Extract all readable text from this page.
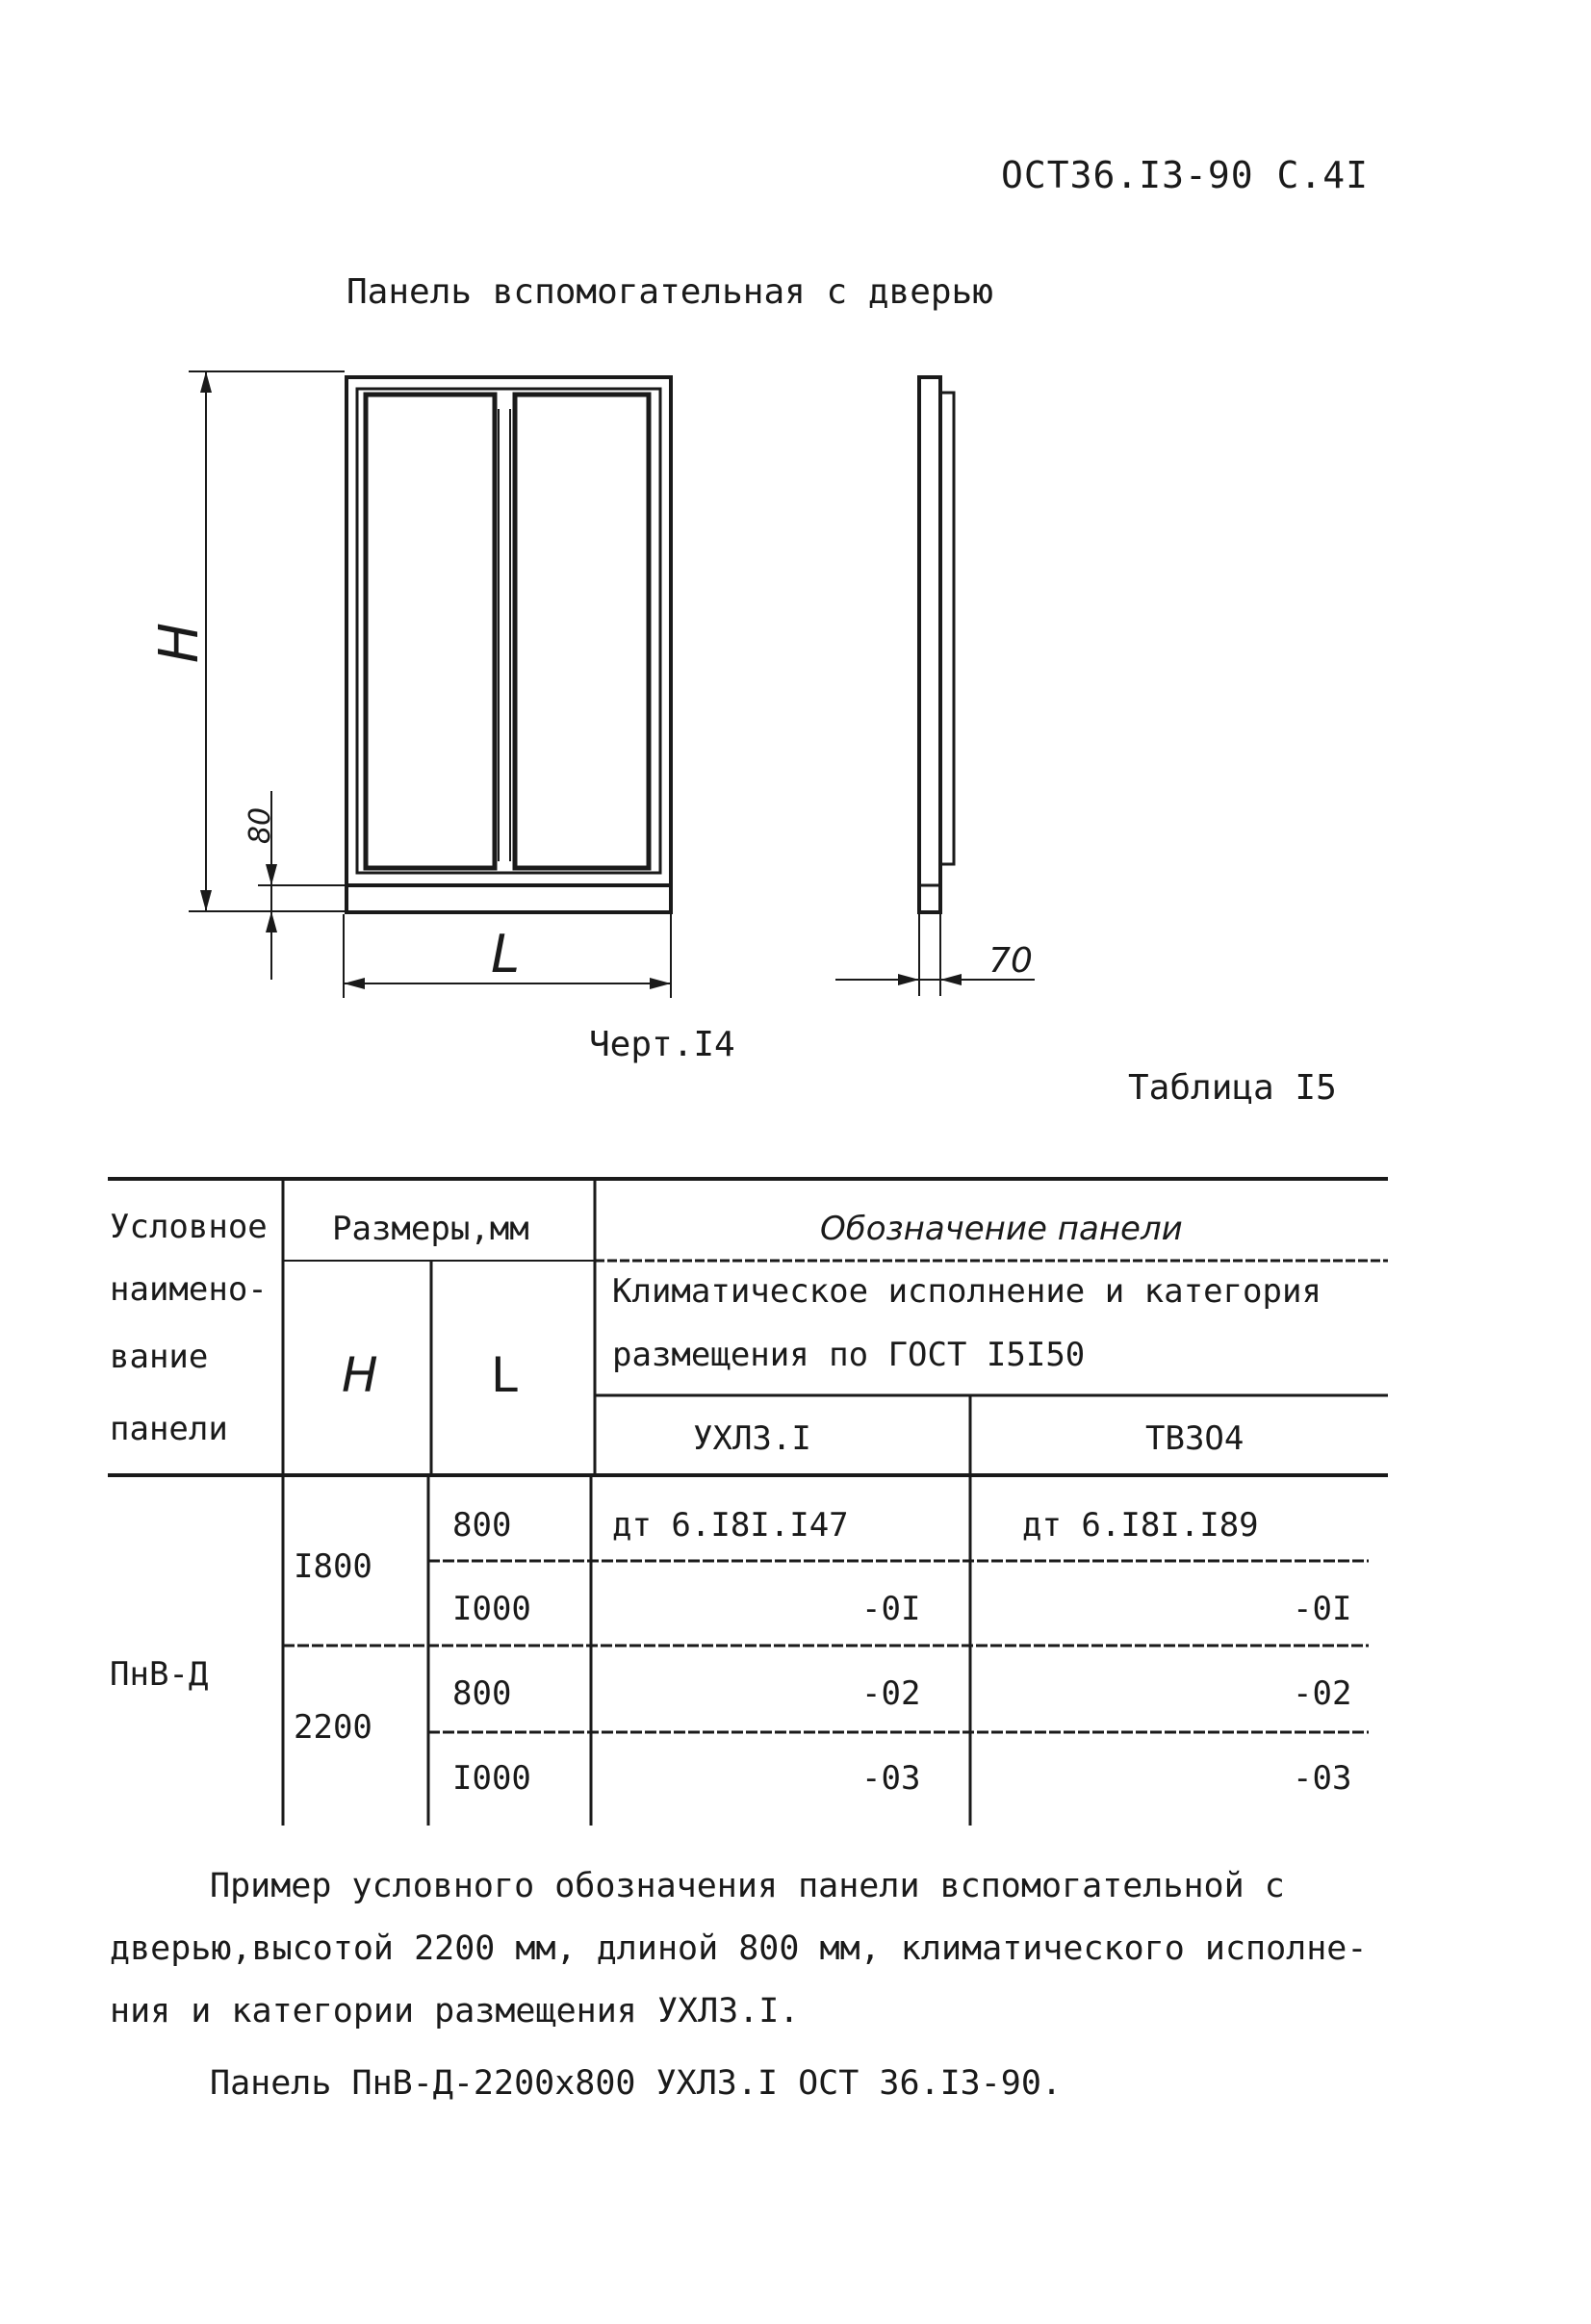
ОСТ36.I3-90 С.4I
Панель вспомогательная с дверью
H
80
L	70
Черт.I4
Таблица I5
Условное
наимено-
вание
панели
Размеры,мм
H L
Обозначение панели
Климатическое исполнение и категория
размещения по ГОСТ I5I50
УХЛ3.I	ТВ3О4
ПнВ-Д
I800
2200
800	дт 6.I8I.I47	дт 6.I8I.I89
I000	-0I	-0I
800	-02	-02
I000	-03	-03
Пример условного обозначения панели вспомогательной с
дверью,высотой 2200 мм, длиной 800 мм, климатического исполне-
ния и категории размещения УХЛ3.I.
Панель ПнВ-Д-2200х800 УХЛ3.I ОСТ 36.I3-90.
